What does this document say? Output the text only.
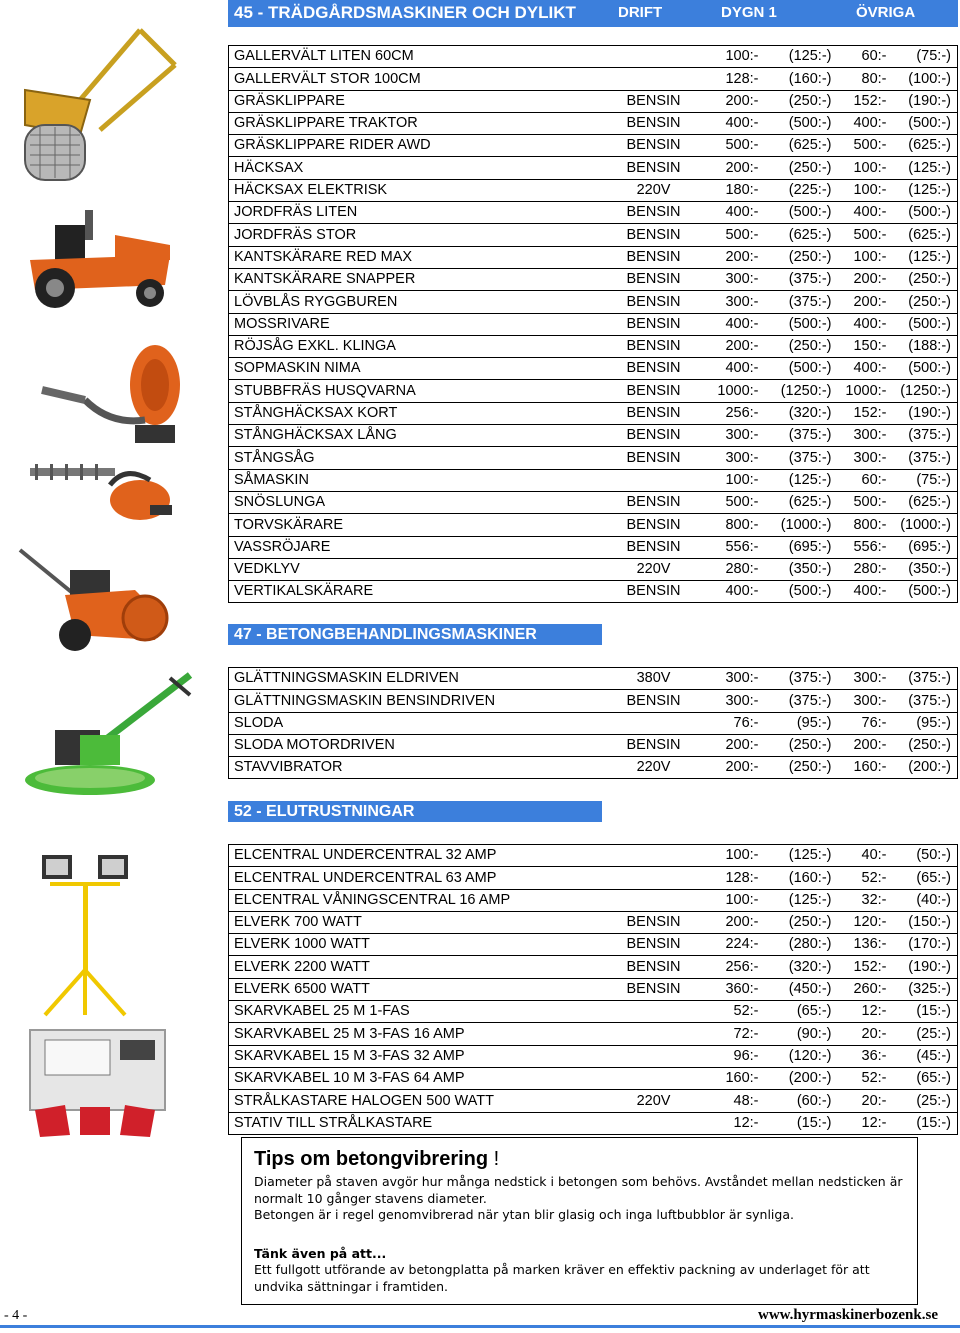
45 - TRÄDGÅRDSMASKINER OCH DYLIKT	DRIFT	DYGN 1	ÖVRIGA
GALLERVÄLT LITEN 60CM		100:-	(125:-)	60:-	(75:-)
GALLERVÄLT STOR 100CM		128:-	(160:-)	80:-	(100:-)
GRÄSKLIPPARE	BENSIN	200:-	(250:-)	152:-	(190:-)
GRÄSKLIPPARE TRAKTOR	BENSIN	400:-	(500:-)	400:-	(500:-)
GRÄSKLIPPARE RIDER AWD	BENSIN	500:-	(625:-)	500:-	(625:-)
HÄCKSAX	BENSIN	200:-	(250:-)	100:-	(125:-)
HÄCKSAX ELEKTRISK	220V	180:-	(225:-)	100:-	(125:-)
JORDFRÄS LITEN	BENSIN	400:-	(500:-)	400:-	(500:-)
JORDFRÄS STOR	BENSIN	500:-	(625:-)	500:-	(625:-)
KANTSKÄRARE RED MAX	BENSIN	200:-	(250:-)	100:-	(125:-)
KANTSKÄRARE SNAPPER	BENSIN	300:-	(375:-)	200:-	(250:-)
LÖVBLÅS RYGGBUREN	BENSIN	300:-	(375:-)	200:-	(250:-)
MOSSRIVARE	BENSIN	400:-	(500:-)	400:-	(500:-)
RÖJSÅG EXKL. KLINGA	BENSIN	200:-	(250:-)	150:-	(188:-)
SOPMASKIN NIMA	BENSIN	400:-	(500:-)	400:-	(500:-)
STUBBFRÄS HUSQVARNA	BENSIN	1000:-	(1250:-)	1000:-	(1250:-)
STÅNGHÄCKSAX KORT	BENSIN	256:-	(320:-)	152:-	(190:-)
STÅNGHÄCKSAX LÅNG	BENSIN	300:-	(375:-)	300:-	(375:-)
STÅNGSÅG	BENSIN	300:-	(375:-)	300:-	(375:-)
SÅMASKIN		100:-	(125:-)	60:-	(75:-)
SNÖSLUNGA	BENSIN	500:-	(625:-)	500:-	(625:-)
TORVSKÄRARE	BENSIN	800:-	(1000:-)	800:-	(1000:-)
VASSRÖJARE	BENSIN	556:-	(695:-)	556:-	(695:-)
VEDKLYV	220V	280:-	(350:-)	280:-	(350:-)
VERTIKALSKÄRARE	BENSIN	400:-	(500:-)	400:-	(500:-)
47 - BETONGBEHANDLINGSMASKINER
GLÄTTNINGSMASKIN ELDRIVEN	380V	300:-	(375:-)	300:-	(375:-)
GLÄTTNINGSMASKIN BENSINDRIVEN	BENSIN	300:-	(375:-)	300:-	(375:-)
SLODA		76:-	(95:-)	76:-	(95:-)
SLODA MOTORDRIVEN	BENSIN	200:-	(250:-)	200:-	(250:-)
STAVVIBRATOR	220V	200:-	(250:-)	160:-	(200:-)
52 - ELUTRUSTNINGAR
ELCENTRAL UNDERCENTRAL 32 AMP		100:-	(125:-)	40:-	(50:-)
ELCENTRAL UNDERCENTRAL 63 AMP		128:-	(160:-)	52:-	(65:-)
ELCENTRAL VÅNINGSCENTRAL 16 AMP		100:-	(125:-)	32:-	(40:-)
ELVERK 700 WATT	BENSIN	200:-	(250:-)	120:-	(150:-)
ELVERK 1000 WATT	BENSIN	224:-	(280:-)	136:-	(170:-)
ELVERK 2200 WATT	BENSIN	256:-	(320:-)	152:-	(190:-)
ELVERK 6500 WATT	BENSIN	360:-	(450:-)	260:-	(325:-)
SKARVKABEL 25 M 1-FAS		52:-	(65:-)	12:-	(15:-)
SKARVKABEL 25 M 3-FAS 16 AMP		72:-	(90:-)	20:-	(25:-)
SKARVKABEL 15 M 3-FAS 32 AMP		96:-	(120:-)	36:-	(45:-)
SKARVKABEL 10 M 3-FAS 64 AMP		160:-	(200:-)	52:-	(65:-)
STRÅLKASTARE HALOGEN 500 WATT	220V	48:-	(60:-)	20:-	(25:-)
STATIV TILL STRÅLKASTARE		12:-	(15:-)	12:-	(15:-)
Tips om betongvibrering !

Diameter på staven avgör hur många nedstick i betongen som behövs. Avståndet mellan nedsticken är normalt 10 gånger stavens diameter.

Betongen är i regel genomvibrerad när ytan blir glasig och inga luftbubblor är synliga.

Tänk även på att...

Ett fullgott utförande av betongplatta på marken kräver en effektiv packning av underlaget för att undvika sättningar i framtiden.

- 4 -	www.hyrmaskinerbozenk.se
